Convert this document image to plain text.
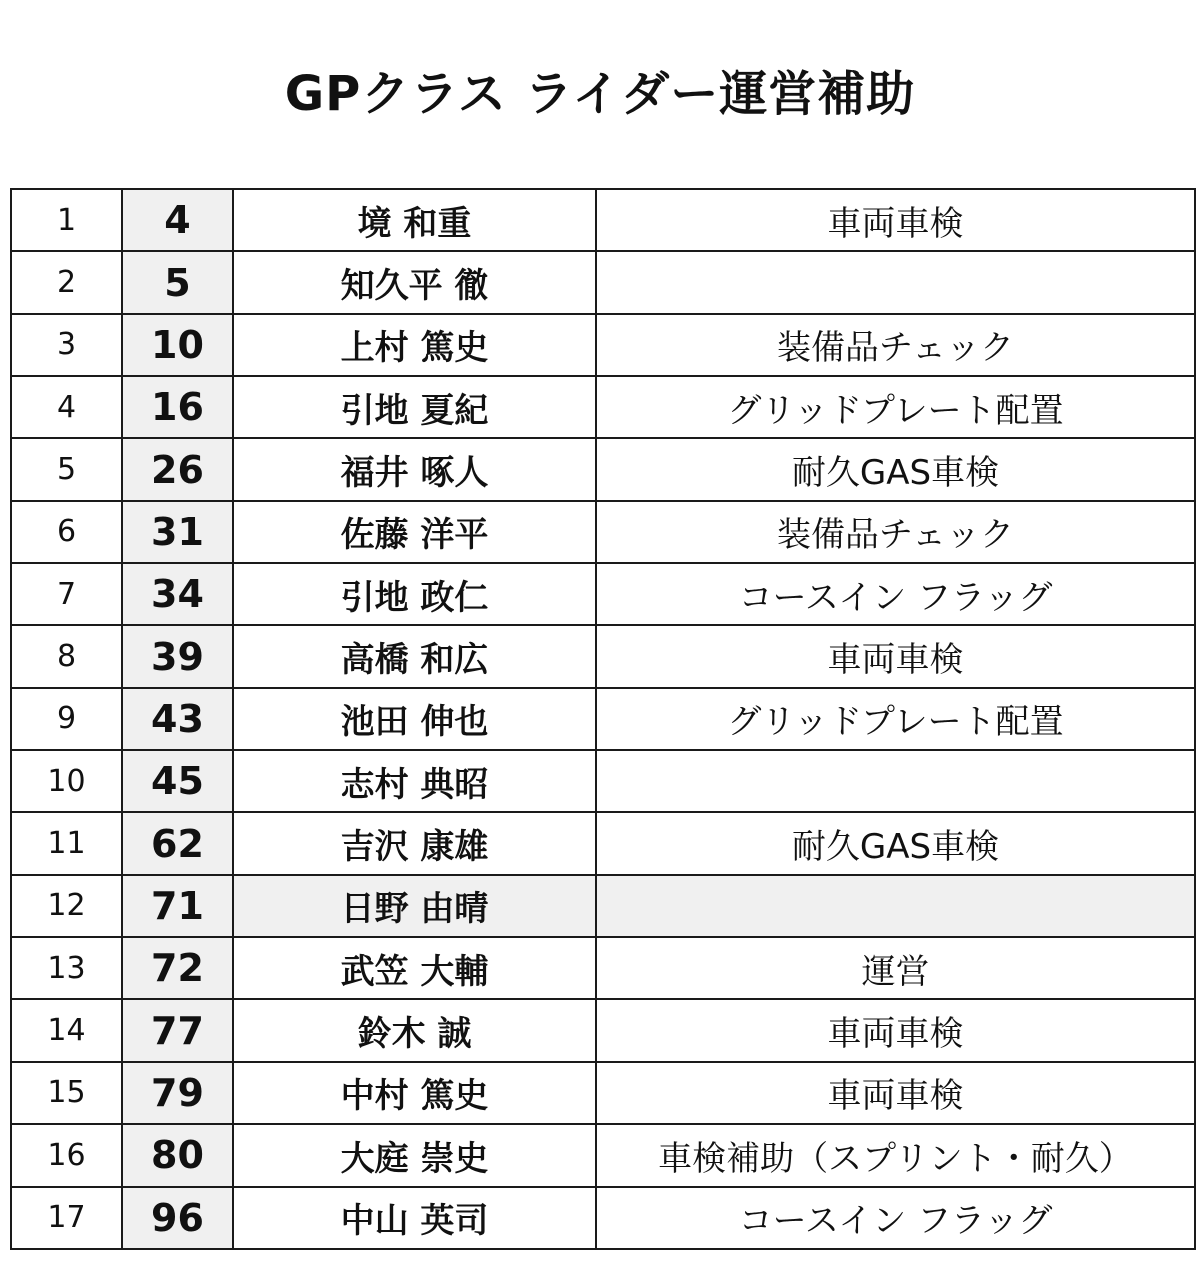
GPクラス ライダー運営補助
1	4	境 和重	車両車検
2	5	知久平 徹	
3	10	上村 篤史	装備品チェック
4	16	引地 夏紀	グリッドプレート配置
5	26	福井 啄人	耐久GAS車検
6	31	佐藤 洋平	装備品チェック
7	34	引地 政仁	コースイン フラッグ
8	39	高橋 和広	車両車検
9	43	池田 伸也	グリッドプレート配置
10	45	志村 典昭	
11	62	吉沢 康雄	耐久GAS車検
12	71	日野 由晴	
13	72	武笠 大輔	運営
14	77	鈴木 誠	車両車検
15	79	中村 篤史	車両車検
16	80	大庭 崇史	車検補助（スプリント・耐久）
17	96	中山 英司	コースイン フラッグ
